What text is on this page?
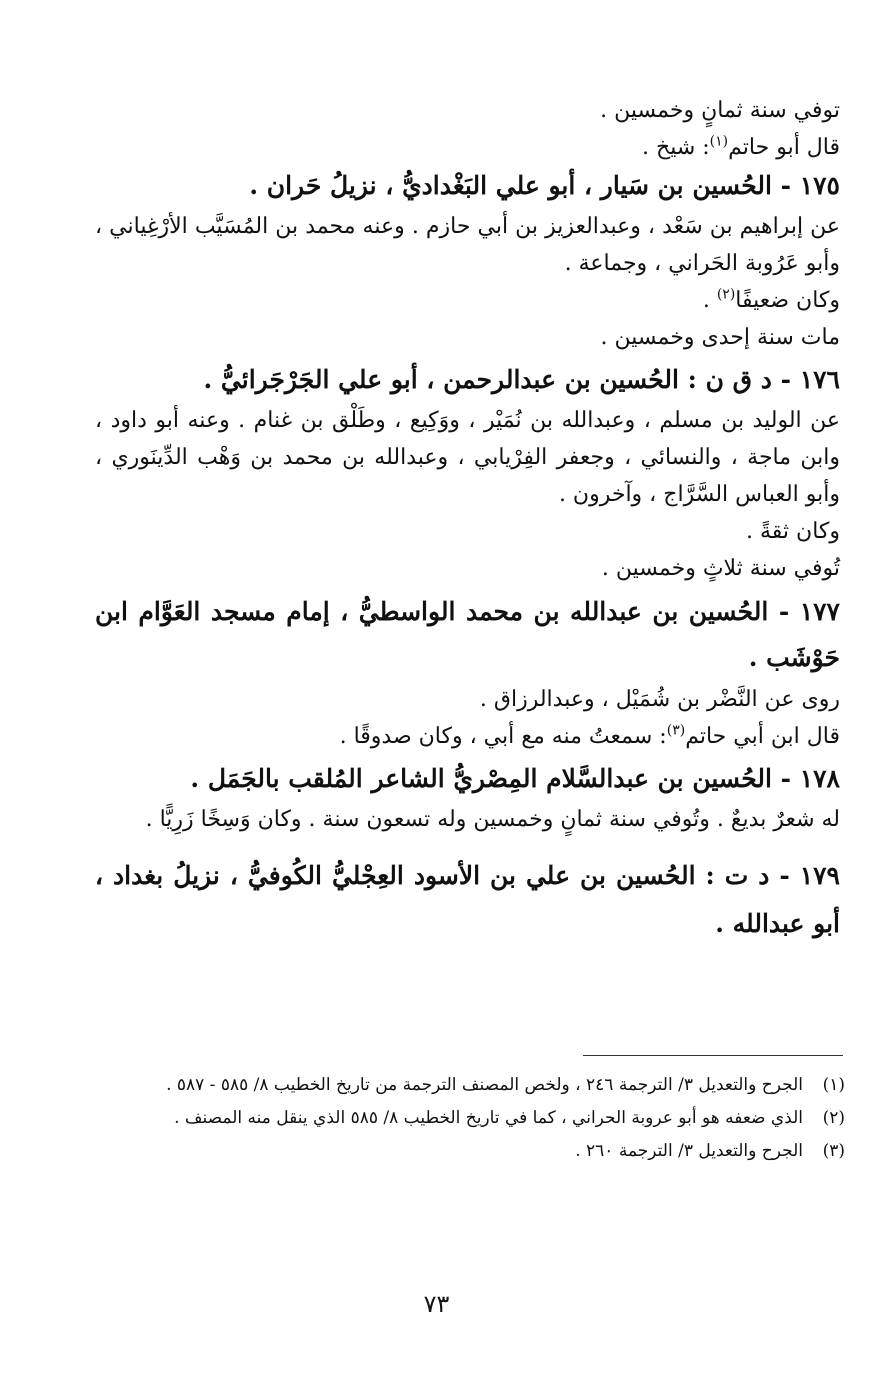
توفي سنة ثمانٍ وخمسين .

قال أبو حاتم$^{(١)}$: شيخ .

١٧٥ - الحُسين بن سَيار ، أبو علي البَغْداديُّ ، نزيلُ حَران .

عن إبراهيم بن سَعْد ، وعبدالعزيز بن أبي حازم . وعنه محمد بن المُسَيَّب الأرْغِياني ، وأبو عَرُوبة الحَراني ، وجماعة .

وكان ضعيفًا$^{(٢)}$ .

مات سنة إحدى وخمسين .

١٧٦ - د ق ن : الحُسين بن عبدالرحمن ، أبو علي الجَرْجَرائيُّ .

عن الوليد بن مسلم ، وعبدالله بن نُمَيْر ، ووَكِيع ، وطَلْق بن غنام . وعنه أبو داود ، وابن ماجة ، والنسائي ، وجعفر الفِرْيابي ، وعبدالله بن محمد بن وَهْب الدِّينَوري ، وأبو العباس السَّرَّاج ، وآخرون .

وكان ثقةً .

تُوفي سنة ثلاثٍ وخمسين .

١٧٧ - الحُسين بن عبدالله بن محمد الواسطيُّ ، إمام مسجد العَوَّام ابن حَوْشَب .

روى عن النَّضْر بن شُمَيْل ، وعبدالرزاق .

قال ابن أبي حاتم$^{(٣)}$: سمعتُ منه مع أبي ، وكان صدوقًا .

١٧٨ - الحُسين بن عبدالسَّلام المِصْريُّ الشاعر المُلقب بالجَمَل .

له شعرٌ بديعٌ . وتُوفي سنة ثمانٍ وخمسين وله تسعون سنة . وكان وَسِخًا زَرِيًّا .

١٧٩ - د ت : الحُسين بن علي بن الأسود العِجْليُّ الكُوفيُّ ، نزيلُ بغداد ، أبو عبدالله .

(١)
الجرح والتعديل ٣/ الترجمة ٢٤٦ ، ولخص المصنف الترجمة من تاريخ الخطيب ٨/ ٥٨٥ - ٥٨٧ .
(٢)
الذي ضعفه هو أبو عروبة الحراني ، كما في تاريخ الخطيب ٨/ ٥٨٥ الذي ينقل منه المصنف .
(٣)
الجرح والتعديل ٣/ الترجمة ٢٦٠ .
٧٣
